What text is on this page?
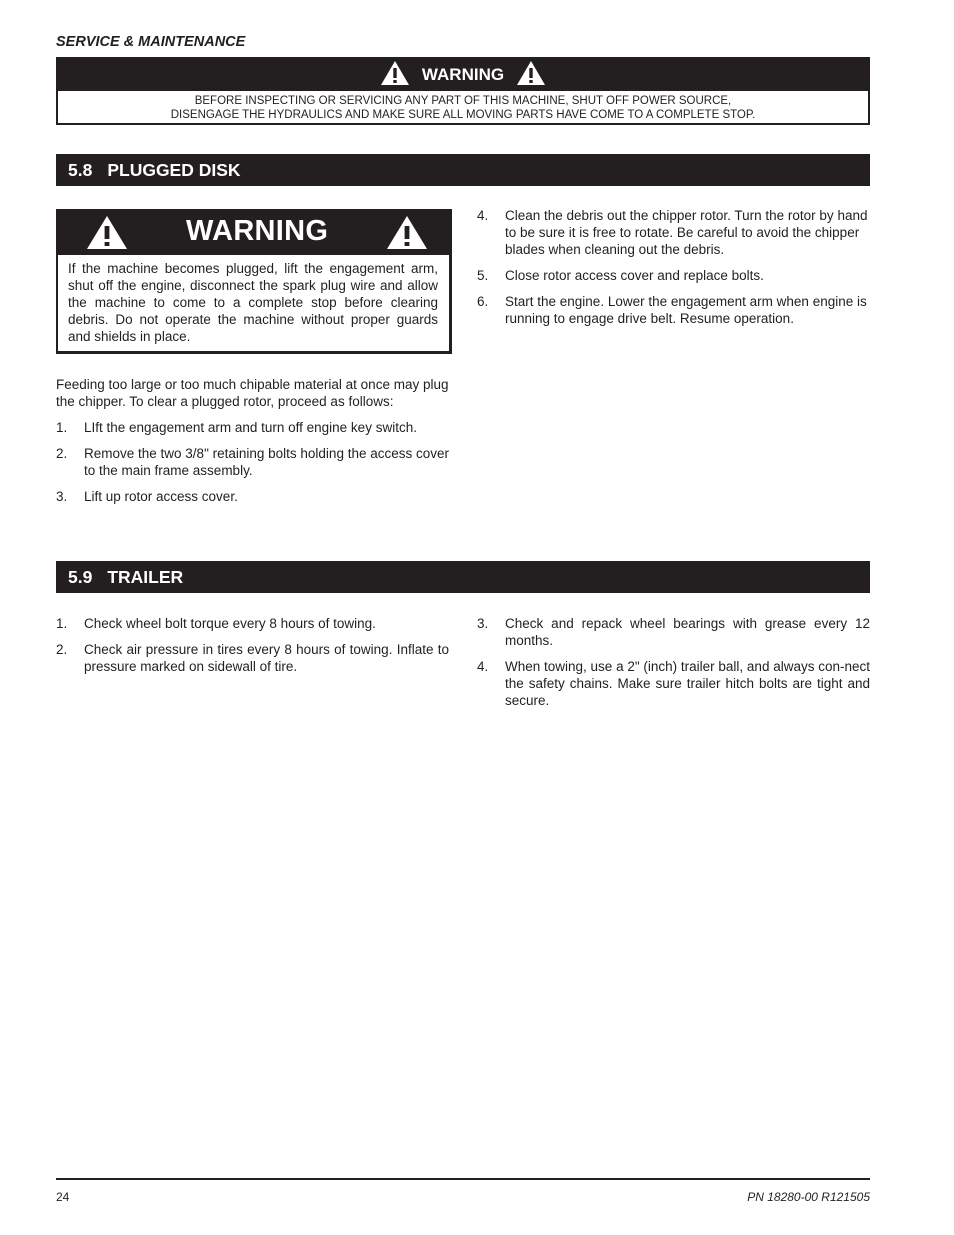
SERVICE & MAINTENANCE
WARNING
BEFORE INSPECTING OR SERVICING ANY PART OF THIS MACHINE, SHUT OFF POWER SOURCE,
DISENGAGE THE HYDRAULICS AND MAKE SURE ALL MOVING PARTS HAVE COME TO A COMPLETE STOP.
5.8 PLUGGED DISK
WARNING
If the machine becomes plugged, lift the engagement arm, shut off the engine, disconnect the spark plug wire and allow the machine to come to a complete stop before clearing debris. Do not operate the machine without proper guards and shields in place.
Feeding too large or too much chipable material at once may plug the chipper. To clear a plugged rotor, proceed as follows:
1.	LIft the engagement arm and turn off engine key switch.
2.	Remove the two 3/8" retaining bolts holding the access cover to the main frame assembly.
3.	Lift up rotor access cover.
4.	Clean the debris out the chipper rotor. Turn the rotor by hand to be sure it is free to rotate. Be careful to avoid the chipper blades when cleaning out the debris.
5.	Close rotor access cover and replace bolts.
6.	Start the engine. Lower the engagement arm when engine is running to engage drive belt. Resume operation.
5.9 TRAILER
1.	Check wheel bolt torque every 8 hours of towing.
2.	Check air pressure in tires every 8 hours of towing. Inflate to pressure marked on sidewall of tire.
3.	Check and repack wheel bearings with grease every 12 months.
4.	When towing, use a 2" (inch) trailer ball, and always con-nect the safety chains. Make sure trailer hitch bolts are tight and secure.
24	PN 18280-00 R121505
